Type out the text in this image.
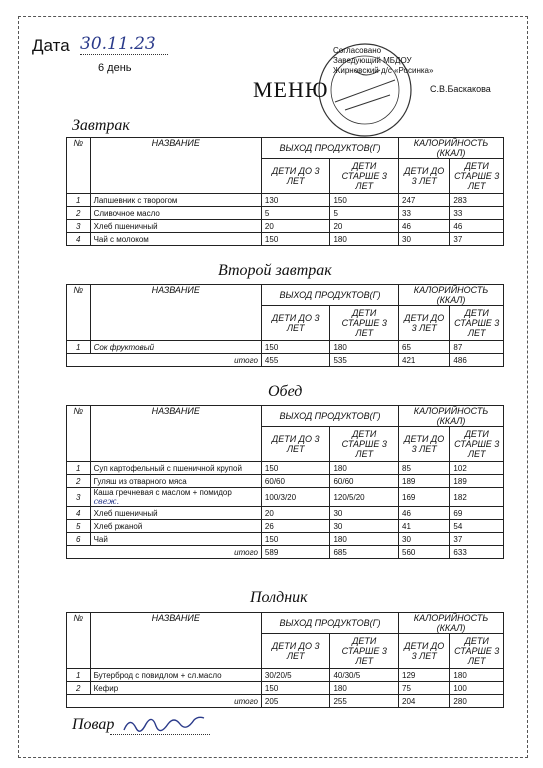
Дата 30.11.23
6 день
Согласовано
Заведующий МБДОУ
Жирновский д/с «Росинка»
С.В.Баскакова
МЕНЮ
Завтрак
№	НАЗВАНИЕ	ВЫХОД ПРОДУКТОВ(Г)		КАЛОРИЙНОСТЬ (ККАЛ)	
		ДЕТИ ДО 3 ЛЕТ	ДЕТИ СТАРШЕ 3 ЛЕТ	ДЕТИ ДО 3 ЛЕТ	ДЕТИ СТАРШЕ 3 ЛЕТ
1	Лапшевник с творогом	130	150	247	283
2	Сливочное масло	5	5	33	33
3	Хлеб пшеничный	20	20	46	46
4	Чай с молоком	150	180	30	37
Второй завтрак
№	НАЗВАНИЕ	ВЫХОД ПРОДУКТОВ(Г)		КАЛОРИЙНОСТЬ (ККАЛ)	
		ДЕТИ ДО 3 ЛЕТ	ДЕТИ СТАРШЕ 3 ЛЕТ	ДЕТИ ДО 3 ЛЕТ	ДЕТИ СТАРШЕ 3 ЛЕТ
1	Сок фруктовый	150	180	65	87
	итого	455	535	421	486
Обед
№	НАЗВАНИЕ	ВЫХОД ПРОДУКТОВ(Г)		КАЛОРИЙНОСТЬ (ККАЛ)	
		ДЕТИ ДО 3 ЛЕТ	ДЕТИ СТАРШЕ 3 ЛЕТ	ДЕТИ ДО 3 ЛЕТ	ДЕТИ СТАРШЕ 3 ЛЕТ
1	Суп картофельный с пшеничной крупой	150	180	85	102
2	Гуляш из отварного мяса	60/60	60/60	189	189
3	Каша гречневая с маслом + помидор свеж.	100/3/20	120/5/20	169	182
4	Хлеб пшеничный	20	30	46	69
5	Хлеб ржаной	26	30	41	54
6	Чай	150	180	30	37
	итого	589	685	560	633
Полдник
№	НАЗВАНИЕ	ВЫХОД ПРОДУКТОВ(Г)		КАЛОРИЙНОСТЬ (ККАЛ)	
		ДЕТИ ДО 3 ЛЕТ	ДЕТИ СТАРШЕ 3 ЛЕТ	ДЕТИ ДО 3 ЛЕТ	ДЕТИ СТАРШЕ 3 ЛЕТ
1	Бутерброд с повидлом + сл.масло	30/20/5	40/30/5	129	180
2	Кефир	150	180	75	100
	итого	205	255	204	280
Повар
